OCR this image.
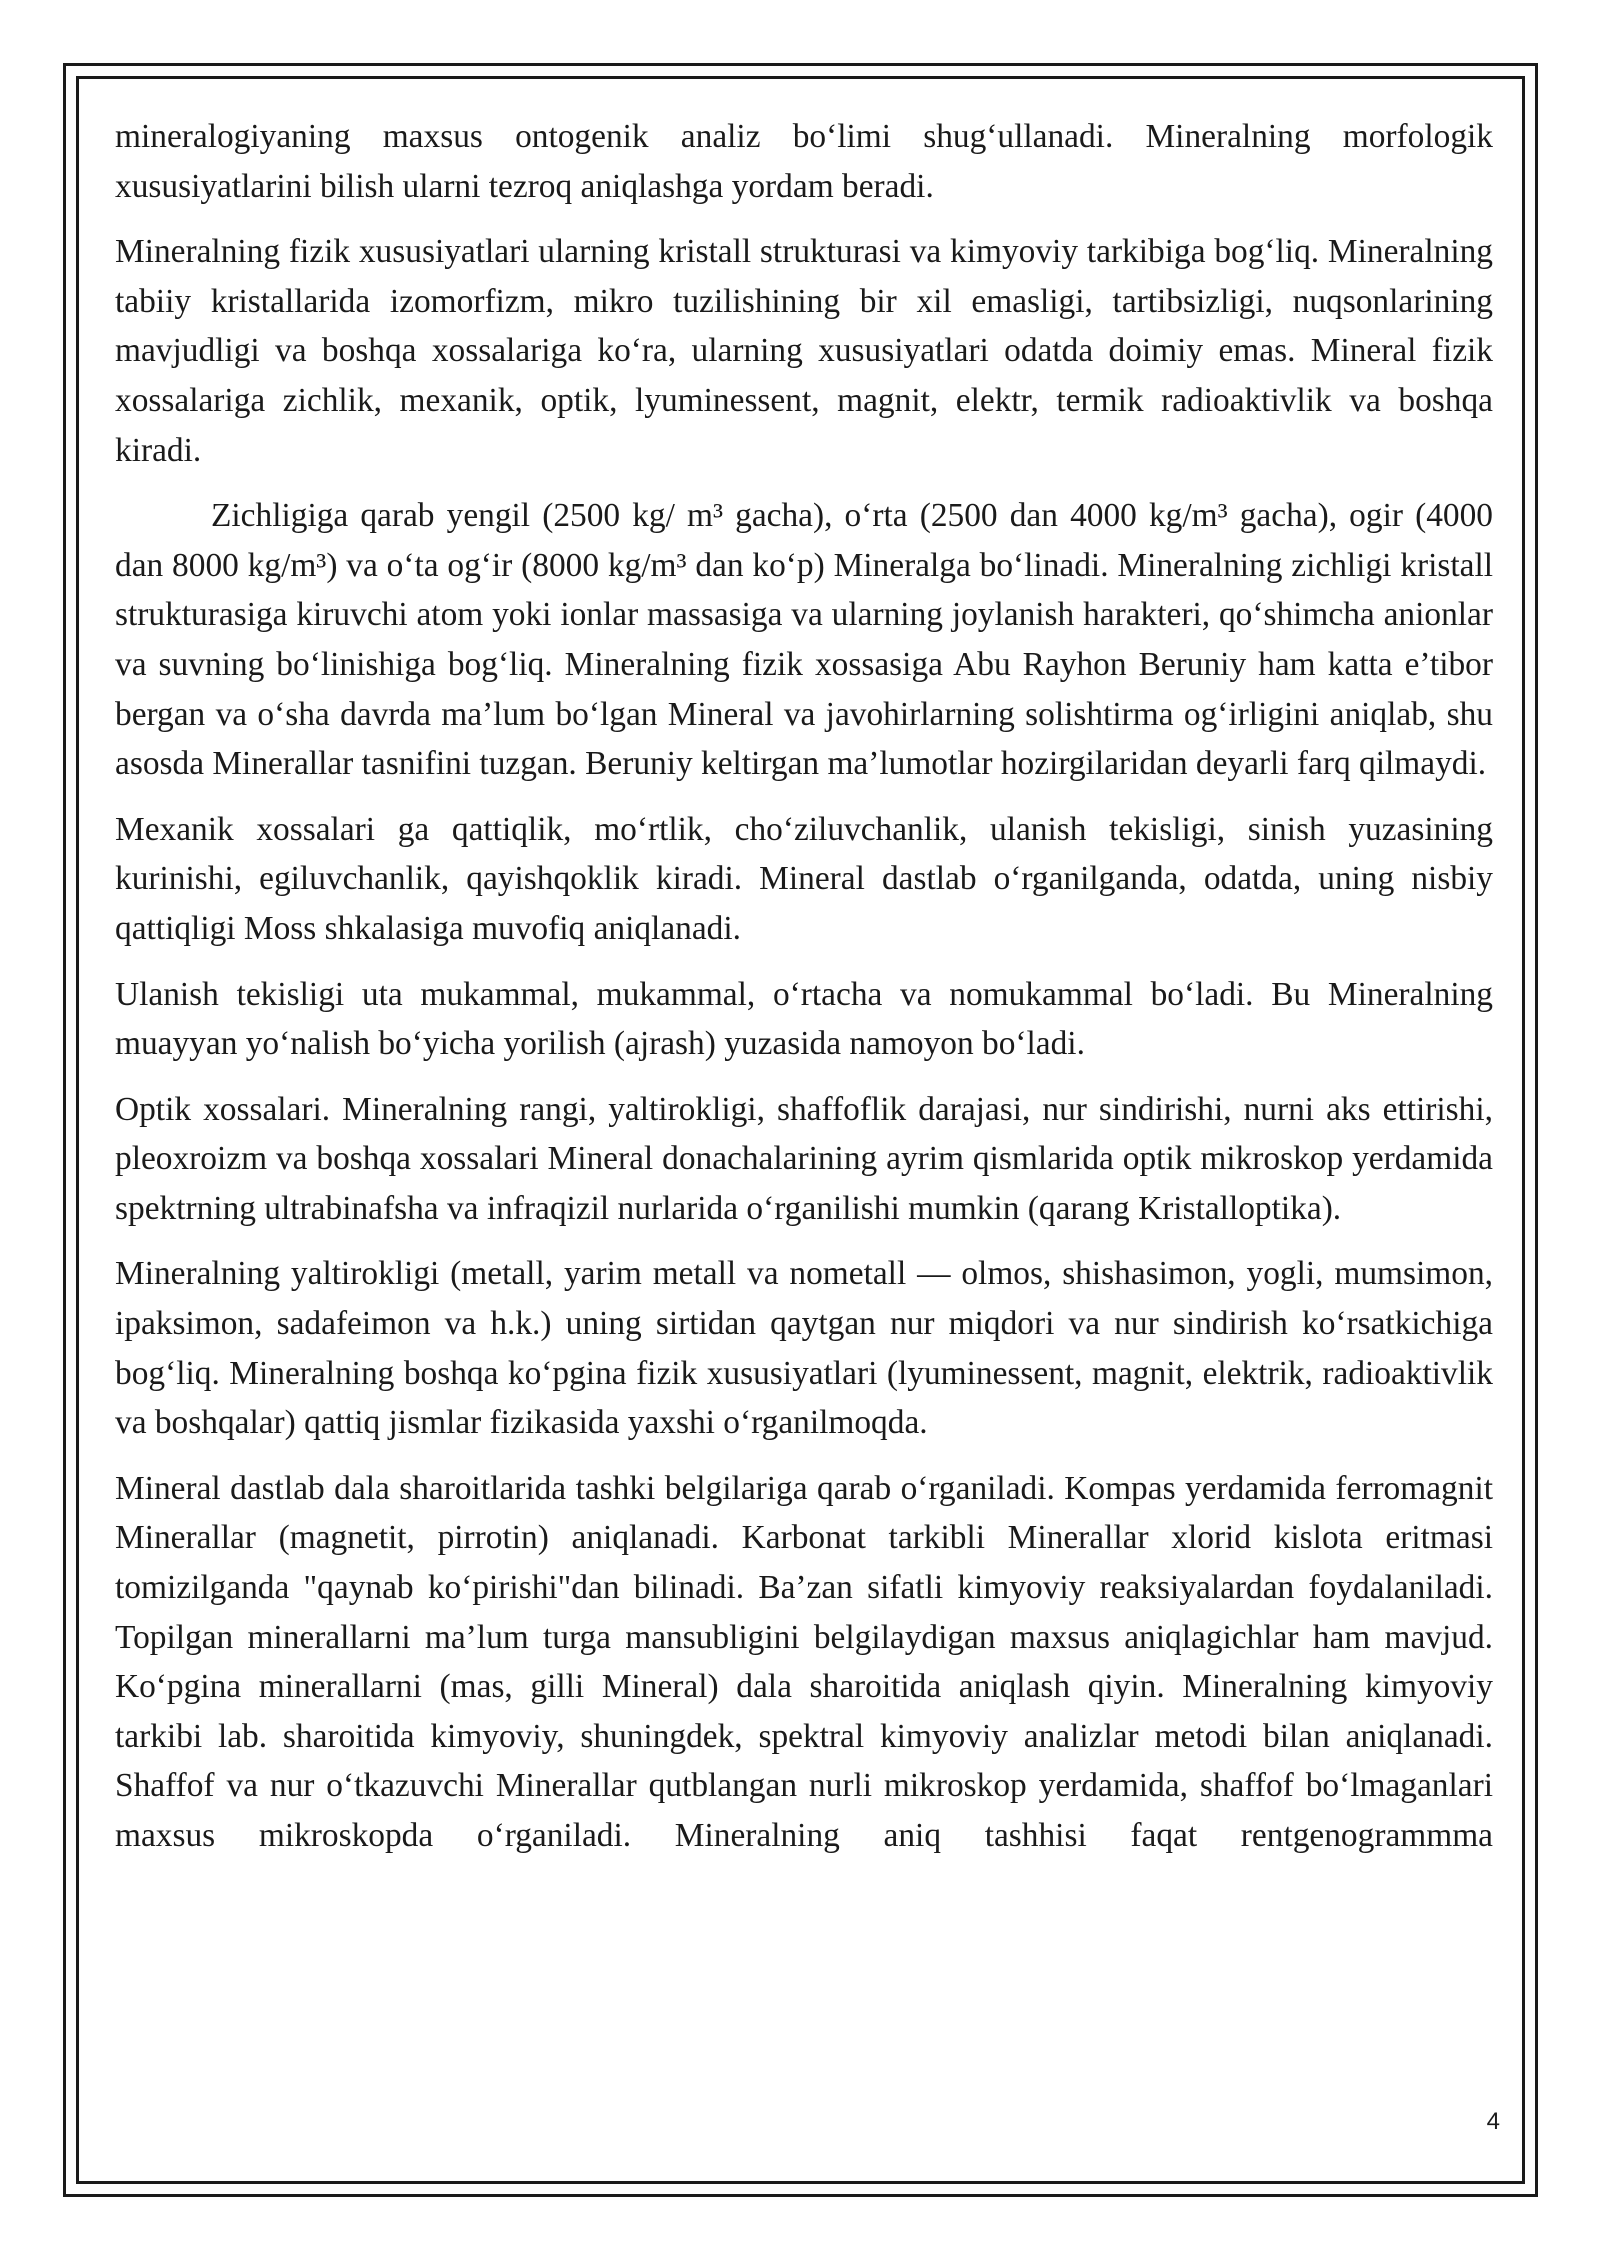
mineralogiyaning maxsus ontogenik analiz bo‘limi shug‘ullanadi. Mineralning morfologik xususiyatlarini bilish ularni tezroq aniqlashga yordam beradi.

Mineralning fizik xususiyatlari ularning kristall strukturasi va kimyoviy tarkibiga bog‘liq. Mineralning tabiiy kristallarida izomorfizm, mikro tuzilishining bir xil emasligi, tartibsizligi, nuqsonlarining mavjudligi va boshqa xossalariga ko‘ra, ularning xususiyatlari odatda doimiy emas. Mineral fizik xossalariga zichlik, mexanik, optik, lyuminessent, magnit, elektr, termik radioaktivlik va boshqa kiradi.

Zichligiga qarab yengil (2500 kg/ m³ gacha), o‘rta (2500 dan 4000 kg/m³ gacha), ogir (4000 dan 8000 kg/m³) va o‘ta og‘ir (8000 kg/m³ dan ko‘p) Mineralga bo‘linadi. Mineralning zichligi kristall strukturasiga kiruvchi atom yoki ionlar massasiga va ularning joylanish harakteri, qo‘shimcha anionlar va suvning bo‘linishiga bog‘liq. Mineralning fizik xossasiga Abu Rayhon Beruniy ham katta e’tibor bergan va o‘sha davrda ma’lum bo‘lgan Mineral va javohirlarning solishtirma og‘irligini aniqlab, shu asosda Minerallar tasnifini tuzgan. Beruniy keltirgan ma’lumotlar hozirgilaridan deyarli farq qilmaydi.

Mexanik xossalari ga qattiqlik, mo‘rtlik, cho‘ziluvchanlik, ulanish tekisligi, sinish yuzasining kurinishi, egiluvchanlik, qayishqoklik kiradi. Mineral dastlab o‘rganilganda, odatda, uning nisbiy qattiqligi Moss shkalasiga muvofiq aniqlanadi.

Ulanish tekisligi uta mukammal, mukammal, o‘rtacha va nomukammal bo‘ladi. Bu Mineralning muayyan yo‘nalish bo‘yicha yorilish (ajrash) yuzasida namoyon bo‘ladi.

Optik xossalari. Mineralning rangi, yaltirokligi, shaffoflik darajasi, nur sindirishi, nurni aks ettirishi, pleoxroizm va boshqa xossalari Mineral donachalarining ayrim qismlarida optik mikroskop yerdamida spektrning ultrabinafsha va infraqizil nurlarida o‘rganilishi mumkin (qarang Kristalloptika).

Mineralning yaltirokligi (metall, yarim metall va nometall — olmos, shishasimon, yogli, mumsimon, ipaksimon, sadafeimon va h.k.) uning sirtidan qaytgan nur miqdori va nur sindirish ko‘rsatkichiga bog‘liq. Mineralning boshqa ko‘pgina fizik xususiyatlari (lyuminessent, magnit, elektrik, radioaktivlik va boshqalar) qattiq jismlar fizikasida yaxshi o‘rganilmoqda.

Mineral dastlab dala sharoitlarida tashki belgilariga qarab o‘rganiladi. Kompas yerdamida ferromagnit Minerallar (magnetit, pirrotin) aniqlanadi. Karbonat tarkibli Minerallar xlorid kislota eritmasi tomizilganda "qaynab ko‘pirishi"dan bilinadi. Ba’zan sifatli kimyoviy reaksiyalardan foydalaniladi. Topilgan minerallarni ma’lum turga mansubligini belgilaydigan maxsus aniqlagichlar ham mavjud. Ko‘pgina minerallarni (mas, gilli Mineral) dala sharoitida aniqlash qiyin. Mineralning kimyoviy tarkibi lab. sharoitida kimyoviy, shuningdek, spektral kimyoviy analizlar metodi bilan aniqlanadi. Shaffof va nur o‘tkazuvchi Minerallar qutblangan nurli mikroskop yerdamida, shaffof bo‘lmaganlari maxsus mikroskopda o‘rganiladi. Mineralning aniq tashhisi faqat rentgenogrammma

4
